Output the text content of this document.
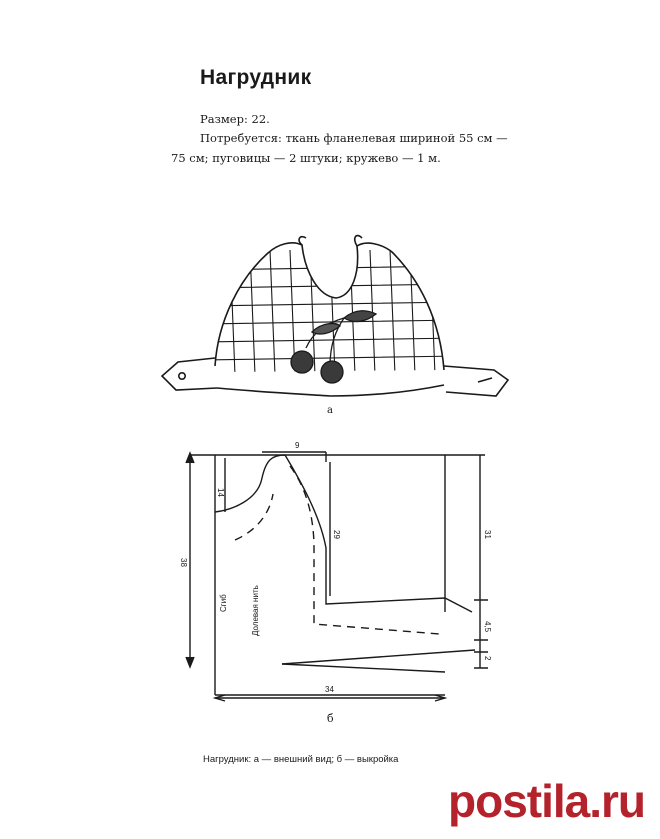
Нагрудник
Размер: 22.
Потребуется: ткань фланелевая шириной 55 см —
75 см; пуговицы — 2 штуки; кружево — 1 м.
9
14
38
29	31
4,5
2
34
Сгиб	Долевая нить
а
б
Нагрудник: а — внешний вид; б — выкройка
postila.ru
